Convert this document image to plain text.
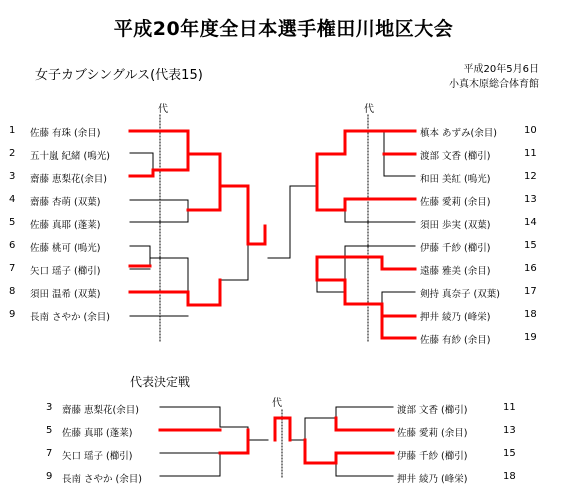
平成20年度全日本選手権田川地区大会
女子カブシングルス(代表15)	平成20年5月6日
小真木原総合体育館
1 佐藤 有珠 (余目)
2 五十嵐 紀緒 (鳴光)
3 齋藤 恵梨花(余目)
4 齋藤 杏萌 (双葉)
5 佐藤 真耶 (蓬莱)
6 佐藤 桃可 (鳴光)
7 矢口 瑶子 (櫛引)
8 須田 温希 (双葉)
9 長南 さやか (余目)
槙本 あずみ(余目)	10
渡部 文香 (櫛引)	11
和田 美紅 (鳴光)	12
佐藤 愛莉 (余目)	13
須田 歩実 (双葉)	14
伊藤 千紗 (櫛引)	15
遠藤 雅美 (余目)	16
剣持 真奈子 (双葉) 17
押井 綾乃 (峰栄)	18
佐藤 有紗 (余目)	19
代	代
代表決定戦
代
3 齋藤 恵梨花(余目)
5 佐藤 真耶 (蓬莱)
7 矢口 瑶子 (櫛引)
9 長南 さやか (余目)
渡部 文香 (櫛引)	11
佐藤 愛莉 (余目)	13
伊藤 千紗 (櫛引)	15
押井 綾乃 (峰栄)	18
